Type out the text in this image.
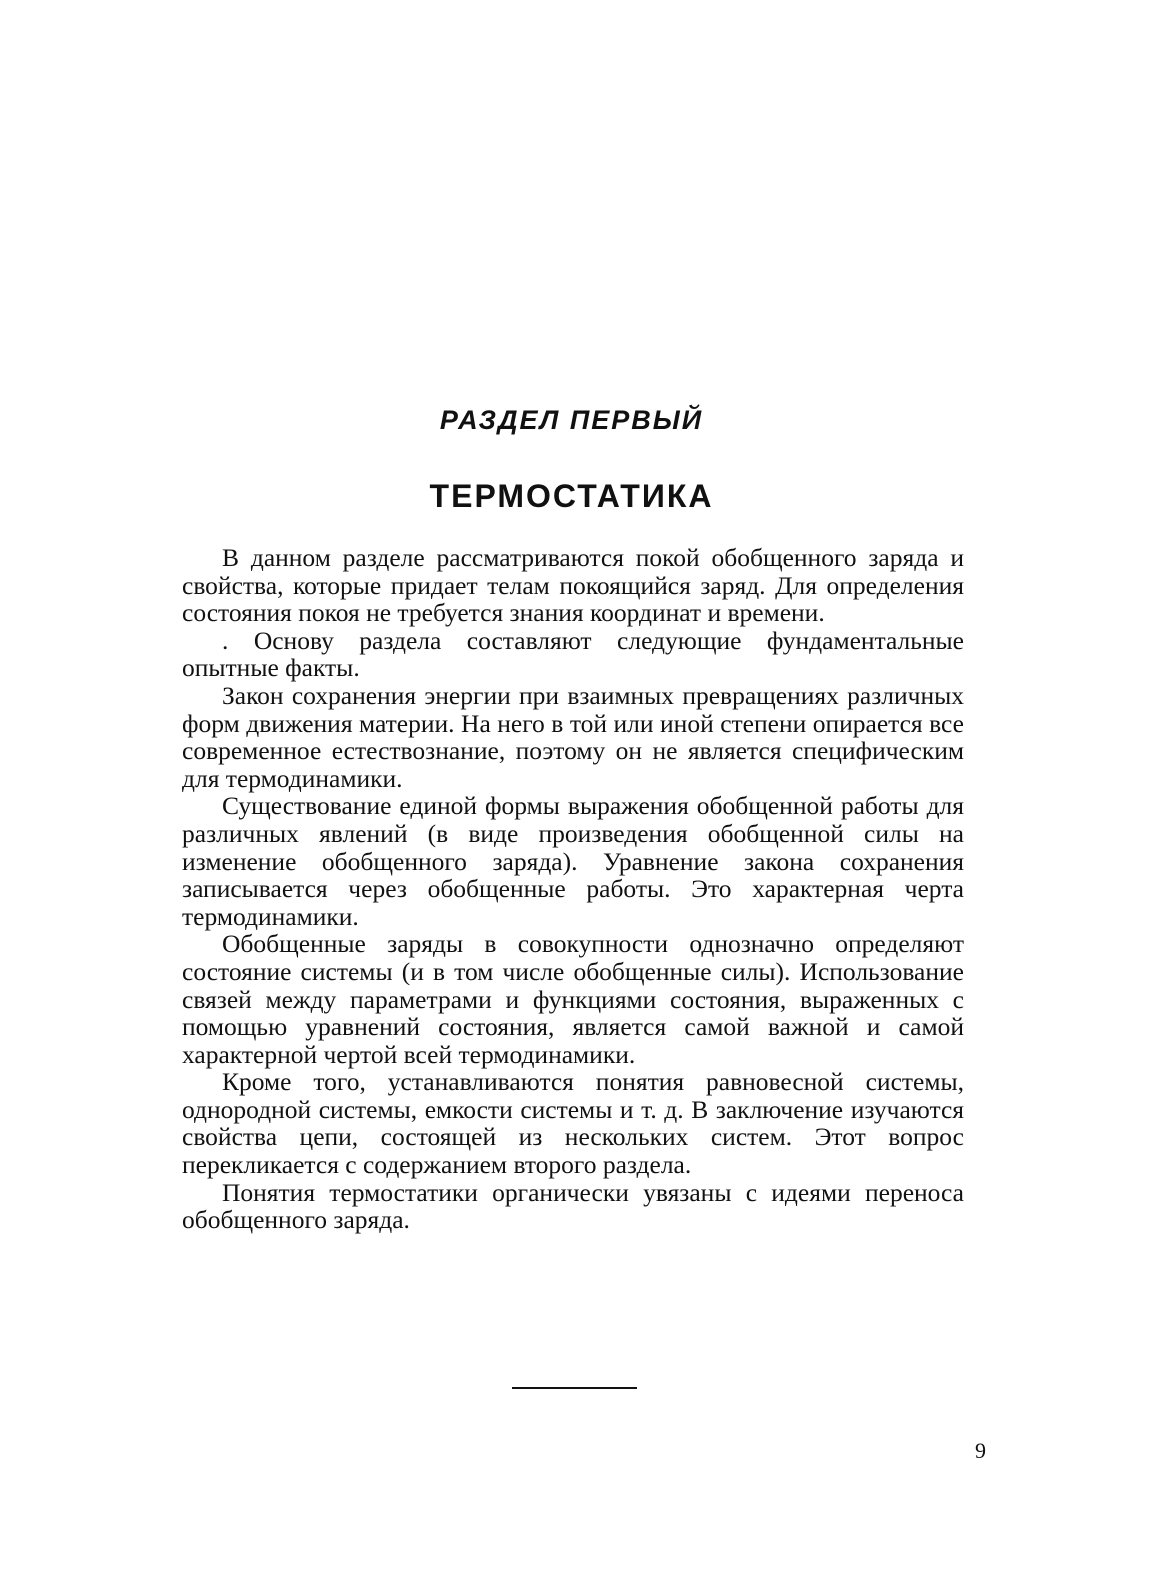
РАЗДЕЛ ПЕРВЫЙ
ТЕРМОСТАТИКА

В данном разделе рассматриваются покой обобщенного заряда и свойства, которые придает телам покоящийся заряд. Для определения состояния покоя не требуется знания координат и времени.

. Основу раздела составляют следующие фундаментальные опытные факты.

Закон сохранения энергии при взаимных превращениях различных форм движения материи. На него в той или иной степени опирается все современное естествознание, поэтому он не является специфическим для термодинамики.

Существование единой формы выражения обобщенной работы для различных явлений (в виде произведения обобщенной силы на изменение обобщенного заряда). Уравнение закона сохранения записывается через обобщенные работы. Это характерная черта термодинамики.

Обобщенные заряды в совокупности однозначно определяют состояние системы (и в том числе обобщенные силы). Использование связей между параметрами и функциями состояния, выраженных с помощью уравнений состояния, является самой важной и самой характерной чертой всей термодинамики.

Кроме того, устанавливаются понятия равновесной системы, однородной системы, емкости системы и т. д. В заключение изучаются свойства цепи, состоящей из нескольких систем. Этот вопрос перекликается с содержанием второго раздела.

Понятия термостатики органически увязаны с идеями переноса обобщенного заряда.

9
